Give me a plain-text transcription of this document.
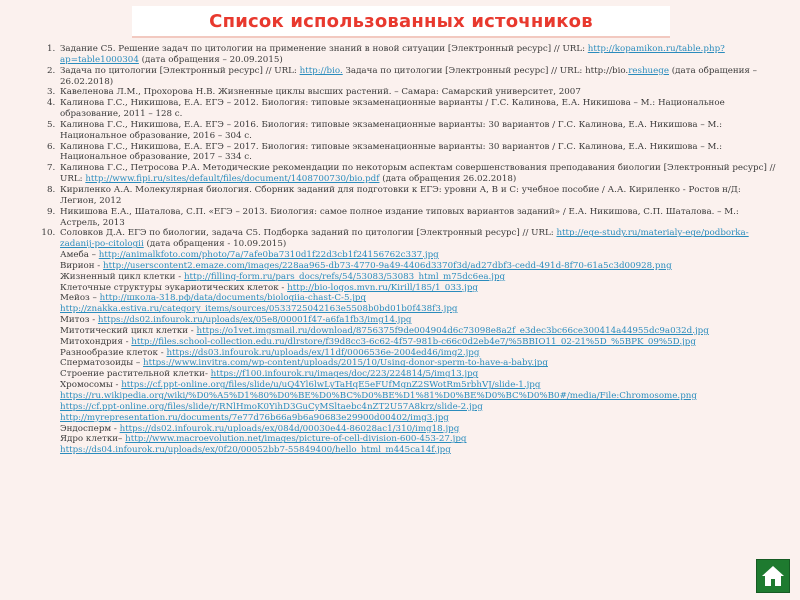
Список использованных источников
1. Задание С5. Решение задач по цитологии на применение знаний в новой ситуации [Электронный ресурс] // URL: http://kopamikon.ru/table.php?ap=table1000304 (дата обращения – 20.09.2015)
2. Задача по цитологии [Электронный ресурс] // URL: http://bio. Задача по цитологии [Электронный ресурс] // URL: http://bio.reshuege (дата обращения – 26.02.2018)
3. Кавеленова Л.М., Прохорова Н.В. Жизненные циклы высших растений. – Самара: Самарский университет, 2007
4. Калинова Г.С., Никишова, Е.А. ЕГЭ – 2012. Биология: типовые экзаменационные варианты / Г.С. Калинова, Е.А. Никишова – М.: Национальное образование, 2011 – 128 с.
5. Калинова Г.С., Никишова, Е.А. ЕГЭ – 2016. Биология: типовые экзаменационные варианты: 30 вариантов / Г.С. Калинова, Е.А. Никишова – М.: Национальное образование, 2016 – 304 с.
6. Калинова Г.С., Никишова, Е.А. ЕГЭ – 2017. Биология: типовые экзаменационные варианты: 30 вариантов / Г.С. Калинова, Е.А. Никишова – М.: Национальное образование, 2017 – 334 с.
7. Калинова Г.С., Петросова Р.А. Методические рекомендации по некоторым аспектам совершенствования преподавания биологии [Электронный ресурс] // URL: http://www.fipi.ru/sites/default/files/document/1408700730/bio.pdf (дата обращения 26.02.2018)
8. Кириленко А.А. Молекулярная биология. Сборник заданий для подготовки к ЕГЭ: уровни А, В и С: учебное пособие / А.А. Кириленко - Ростов н/Д: Легион, 2012
9. Никишова Е.А., Шаталова, С.П. «ЕГЭ – 2013. Биология: самое полное издание типовых вариантов заданий» / Е.А. Никишова, С.П. Шаталова. – М.: Астрель, 2013
10. Соловков Д.А. ЕГЭ по биологии, задача С5. Подборка заданий по цитологии [Электронный ресурс] // URL: http://ege-study.ru/materialy-ege/podborka-zadanij-po-citologii (дата обращения - 10.09.2015)
Амеба – http://animalkfoto.com/photo/7a/7afe0ba7310d1f22d3cb1f24156762c337.jpg
Вирион - http://userscontent2.emaze.com/images/228aa965-db73-4770-9a49-4406d3370f3d/ad27dbf3-cedd-491d-8f70-61a5c3d00928.png
Жизненный цикл клетки - http://filling-form.ru/pars_docs/refs/54/53083/53083_html_m75dc6ea.jpg
Клеточные структуры эукариотических клеток - http://bio-logos.mvn.ru/Kirill/185/1_033.jpg
Мейоз – http://школа-318.рф/data/documents/biologiia-chast-C-5.jpg
http://znakka.estiva.ru/category_items/sources/0533725042163e5508b0bd01b0f438f3.jpg
Митоз - https://ds02.infourok.ru/uploads/ex/05e8/00001f47-a6fa1fb3/img14.jpg
Митотический цикл клетки - https://o1vet.imgsmail.ru/download/8756375f9de004904d6c73098e8a2f_e3dec3bc66ce300414a44955dc9a032d.jpg
Митохондрия - http://files.school-collection.edu.ru/dlrstore/f39d8cc3-6c62-4f57-981b-c66c0d2eb4e7/%5BBIO11_02-21%5D_%5BPK_09%5D.jpg
Разнообразие клеток - https://ds03.infourok.ru/uploads/ex/11df/0006536e-2004ed46/img2.jpg
Сперматозоиды – https://www.invitra.com/wp-content/uploads/2015/10/Using-donor-sperm-to-have-a-baby.jpg
Строение растительной клетки- https://f100.infourok.ru/images/doc/223/224814/5/img13.jpg
Хромосомы - https://cf.ppt-online.org/files/slide/u/uQ4Yl6lwLyTaHqE5eFUfMgnZ2SWotRm5rbhVJ/slide-1.jpg
https://ru.wikipedia.org/wiki/%D0%A5%D1%80%D0%BE%D0%BC%D0%BE%D1%81%D0%BE%D0%BC%D0%B0#/media/File:Chromosome.png
https://cf.ppt-online.org/files/slide/r/RNlHmoK0YihD3GuCyMSltaebc4nZT2U57A8krz/slide-2.jpg
http://myrepresentation.ru/documents/7e77d76b66a9b6a90683e29900d00402/img3.jpg
Эндосперм - https://ds02.infourok.ru/uploads/ex/084d/00030e44-86028ac1/310/img18.jpg
Ядро клетки– http://www.macroevolution.net/images/picture-of-cell-division-600-453-27.jpg
https://ds04.infourok.ru/uploads/ex/0f20/00052bb7-55849400/hello_html_m445ca14f.jpg
